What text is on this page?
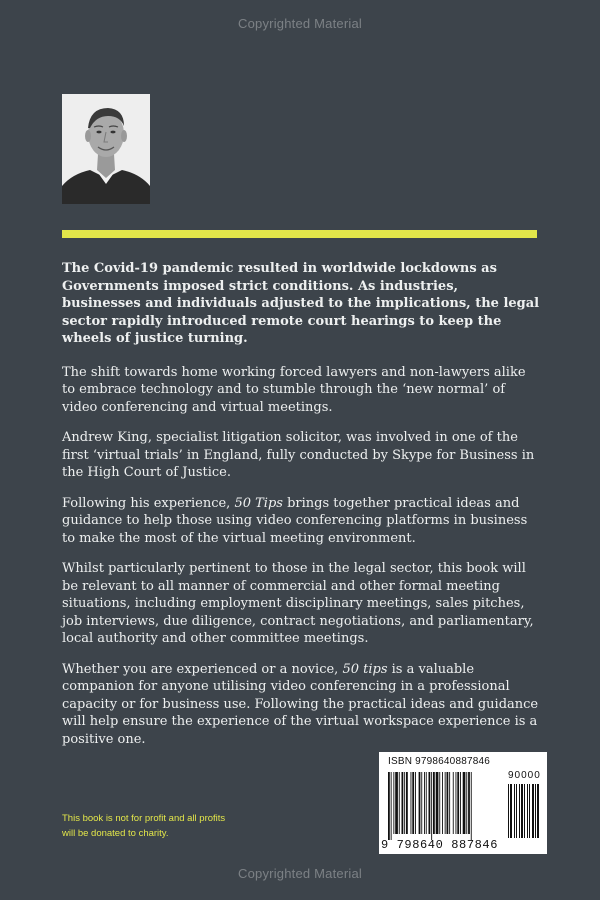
Copyrighted Material

The Covid-19 pandemic resulted in worldwide lockdowns as Governments imposed strict conditions. As industries, businesses and individuals adjusted to the implications, the legal sector rapidly introduced remote court hearings to keep the wheels of justice turning.

The shift towards home working forced lawyers and non-lawyers alike to embrace technology and to stumble through the ‘new normal’ of video conferencing and virtual meetings.

Andrew King, specialist litigation solicitor, was involved in one of the first ‘virtual trials’ in England, fully conducted by Skype for Business in the High Court of Justice.

Following his experience, 50 Tips brings together practical ideas and guidance to help those using video conferencing platforms in business to make the most of the virtual meeting environment.

Whilst particularly pertinent to those in the legal sector, this book will be relevant to all manner of commercial and other formal meeting situations, including employment disciplinary meetings, sales pitches, job interviews, due diligence, contract negotiations, and parliamentary, local authority and other committee meetings.

Whether you are experienced or a novice, 50 tips is a valuable companion for anyone utilising video conferencing in a professional capacity or for business use. Following the practical ideas and guidance will help ensure the experience of the virtual workspace experience is a positive one.

This book is not for profit and all profits
will be donated to charity.
ISBN 9798640887846
90000
9 798640 887846
Copyrighted Material
